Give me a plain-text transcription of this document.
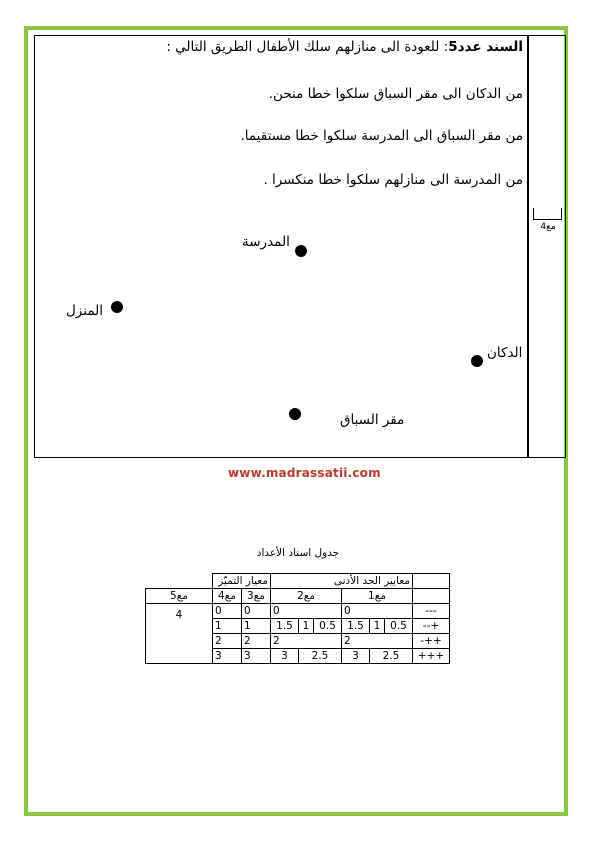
مع4
السند عدد5: للعودة الى منازلهم سلك الأطفال الطريق التالي :
من الدكان الى مقر السباق سلكوا خطا منحن.
من مقر السباق الى المدرسة سلكوا خطا مستقيما.
من المدرسة الى منازلهم سلكوا خطا منكسرا .
المدرسة
المنزل
الدكان
مقر السباق
www.madrassatii.com
جدول اسناد الأعداد
	معايير الحد الأدنى						معيار التميّز		
	مع1			مع2			مع3	مع4	مع5
---	0			0			0	0	4
+--	0.5	1	1.5	0.5	1	1.5	1	1	
++-	2			2			2	2	
+++	2.5		3	2.5		3	3	3	
